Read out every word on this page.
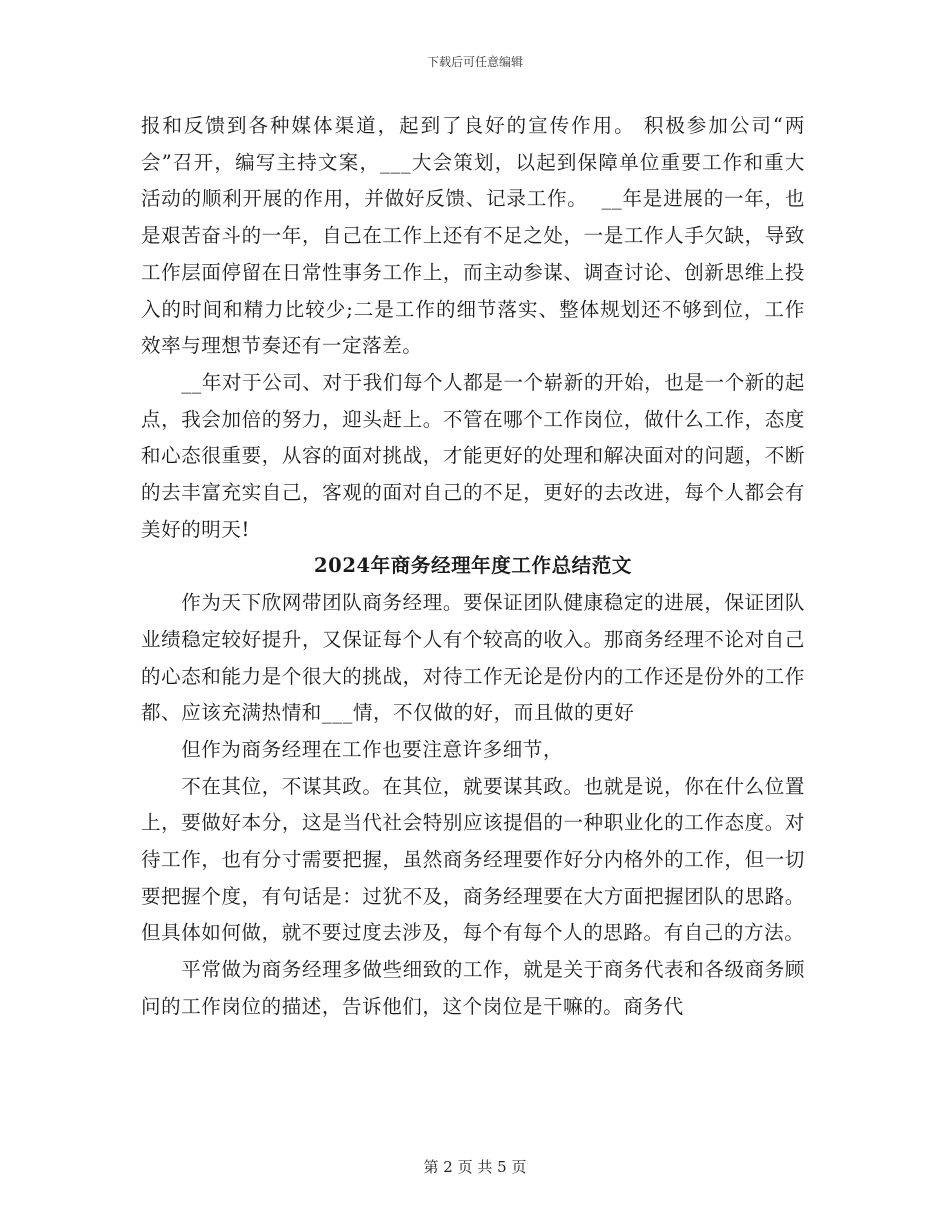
下载后可任意编辑

报和反馈到各种媒体渠道，起到了良好的宣传作用。 积极参加公司“两会”召开，编写主持文案，___大会策划，以起到保障单位重要工作和重大活动的顺利开展的作用，并做好反馈、记录工作。  __年是进展的一年，也是艰苦奋斗的一年，自己在工作上还有不足之处，一是工作人手欠缺，导致工作层面停留在日常性事务工作上，而主动参谋、调查讨论、创新思维上投入的时间和精力比较少;二是工作的细节落实、整体规划还不够到位，工作效率与理想节奏还有一定落差。

　　__年对于公司、对于我们每个人都是一个崭新的开始，也是一个新的起点，我会加倍的努力，迎头赶上。不管在哪个工作岗位，做什么工作，态度和心态很重要，从容的面对挑战，才能更好的处理和解决面对的问题，不断的去丰富充实自己，客观的面对自己的不足，更好的去改进，每个人都会有美好的明天!

2024年商务经理年度工作总结范文

　　作为天下欣网带团队商务经理。要保证团队健康稳定的进展，保证团队业绩稳定较好提升，又保证每个人有个较高的收入。那商务经理不论对自己的心态和能力是个很大的挑战，对待工作无论是份内的工作还是份外的工作都、应该充满热情和___情，不仅做的好，而且做的更好

　　但作为商务经理在工作也要注意许多细节，

　　不在其位，不谋其政。在其位，就要谋其政。也就是说，你在什么位置上，要做好本分，这是当代社会特别应该提倡的一种职业化的工作态度。对待工作，也有分寸需要把握，虽然商务经理要作好分内格外的工作，但一切要把握个度，有句话是：过犹不及，商务经理要在大方面把握团队的思路。但具体如何做，就不要过度去涉及，每个有每个人的思路。有自己的方法。

　　平常做为商务经理多做些细致的工作，就是关于商务代表和各级商务顾问的工作岗位的描述，告诉他们，这个岗位是干嘛的。商务代

第 2 页 共 5 页
